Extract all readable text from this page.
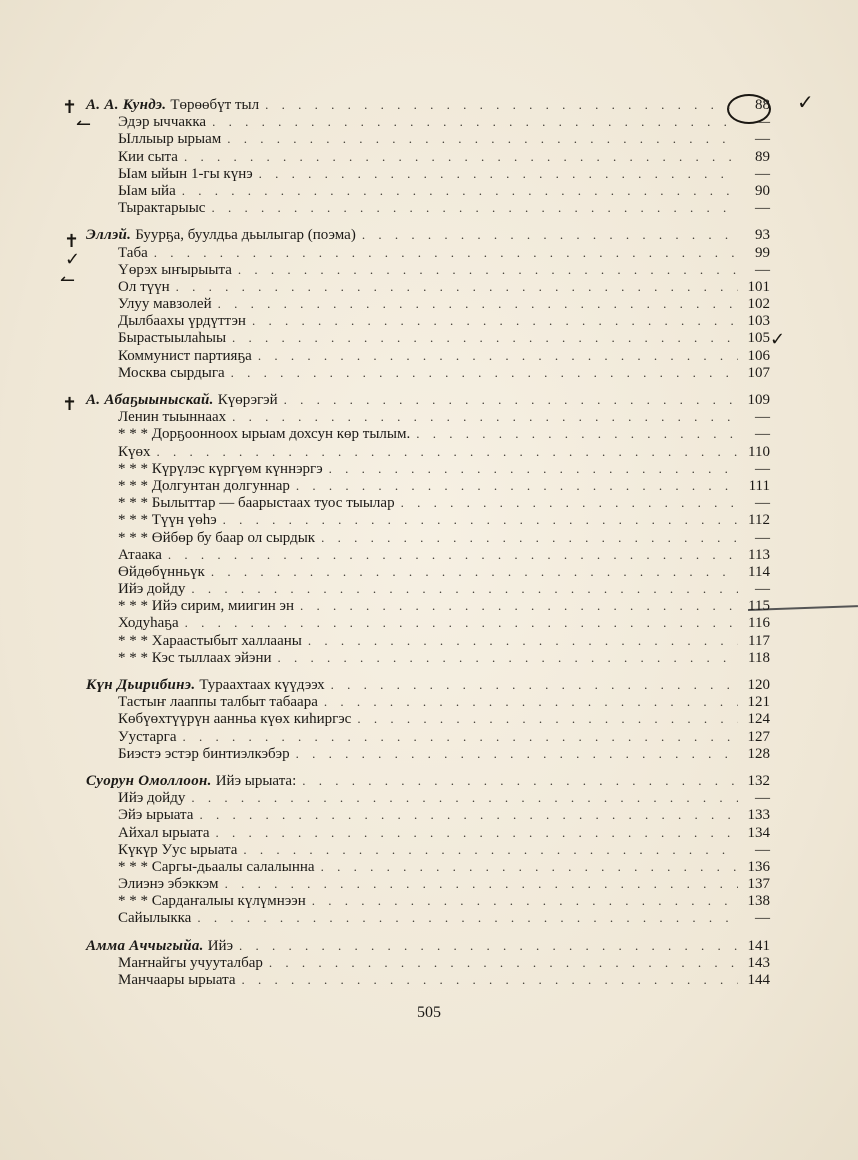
✓
✝
↼
✝
✓
↼
✓
✝
А. А. Кундэ. Төрөөбүт тыл . . .	88
Эдэр ыччакка . . .	—
Ыллыыр ырыам . . .	—
Кии сыта . . .	89
Ыам ыйын 1-гы күнэ . . .	—
Ыам ыйа . . .	90
Тырактарыыс . . .	—
Эллэй. Буурҕа, буулдьа дьылыгар (поэма) . . .	93
Таба . . .	99
Үөрэх ыҥырыыта . . .	—
Ол түүн . . .	101
Улуу мавзолей . . .	102
Дылбаахы үрдүттэн . . .	103
Бырастыылаһыы . . .	105
Коммунист партияҕа . . .	106
Москва сырдыга . . .	107
А. Абаҕыыныскай. Күөрэгэй . . .	109
Ленин тыыннаах . . .	—
* * * Дорҕоонноох ырыам дохсун көр тылым. . . .	—
Күөх . . .	110
* * * Күрүлэс күргүөм күннэргэ . . .	—
* * * Долгунтан долгуннар . . .	111
* * * Былыттар — баарыстаах туос тыылар . . .	—
* * * Түүн үөһэ . . .	112
* * * Өйбөр бу баар ол сырдык . . .	—
Атаака . . .	113
Өйдөбүнньүк . . .	114
Ийэ дойду . . .	—
* * * Ийэ сирим, миигин эн . . .	115
Ходуһаҕа . . .	116
* * * Хараастыбыт халлааны . . .	117
* * * Кэс тыллаах эйэни . . .	118
Күн Дьирибинэ. Тураахтаах күүдээх . . .	120
Тастыҥ лааппы талбыт табаара . . .	121
Көбүөхтүүрүн аанньа күөх киһиргэс . . .	124
Уустарга . . .	127
Биэстэ эстэр бинтиэлкэбэр . . .	128
Суорун Омоллоон. Ийэ ырыата: . . .	132
Ийэ дойду . . .	—
Эйэ ырыата . . .	133
Айхал ырыата . . .	134
Күкүр Уус ырыата . . .	—
* * * Саргы-дьаалы салалынна . . .	136
Элиэнэ эбэккэм . . .	137
* * * Сардаҥалыы күлүмнээн . . .	138
Сайылыкка . . .	—
Амма Аччыгыйа. Ийэ . . .	141
Маҥнайгы учууталбар . . .	143
Манчаары ырыата . . .	144
505
